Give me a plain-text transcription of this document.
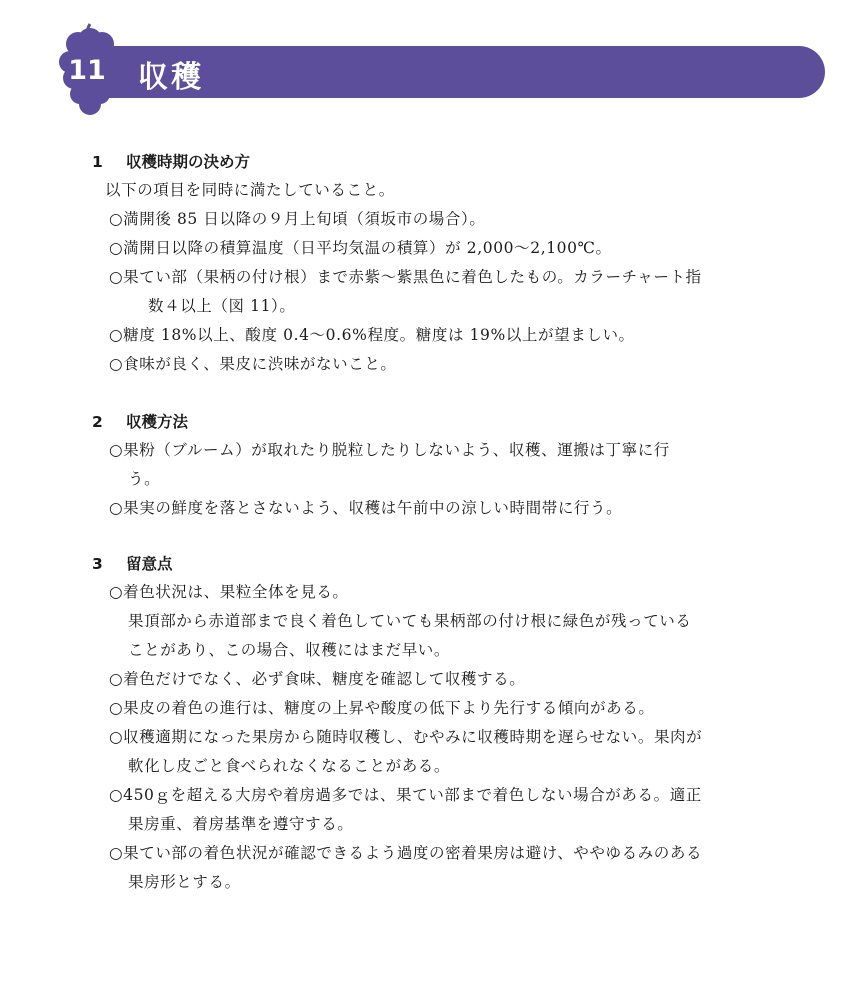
収穫
11
1 収穫時期の決め方
以下の項目を同時に満たしていること。
○満開後 85 日以降の９月上旬頃（須坂市の場合）。
○満開日以降の積算温度（日平均気温の積算）が 2,000～2,100℃。
○果てい部（果柄の付け根）まで赤紫～紫黒色に着色したもの。カラーチャート指
数４以上（図 11）。
○糖度 18%以上、酸度 0.4～0.6%程度。糖度は 19%以上が望ましい。
○食味が良く、果皮に渋味がないこと。
2 収穫方法
○果粉（ブルーム）が取れたり脱粒したりしないよう、収穫、運搬は丁寧に行
う。
○果実の鮮度を落とさないよう、収穫は午前中の涼しい時間帯に行う。
3 留意点
○着色状況は、果粒全体を見る。
果頂部から赤道部まで良く着色していても果柄部の付け根に緑色が残っている
ことがあり、この場合、収穫にはまだ早い。
○着色だけでなく、必ず食味、糖度を確認して収穫する。
○果皮の着色の進行は、糖度の上昇や酸度の低下より先行する傾向がある。
○収穫適期になった果房から随時収穫し、むやみに収穫時期を遅らせない。果肉が
軟化し皮ごと食べられなくなることがある。
○450ｇを超える大房や着房過多では、果てい部まで着色しない場合がある。適正
果房重、着房基準を遵守する。
○果てい部の着色状況が確認できるよう過度の密着果房は避け、ややゆるみのある
果房形とする。
